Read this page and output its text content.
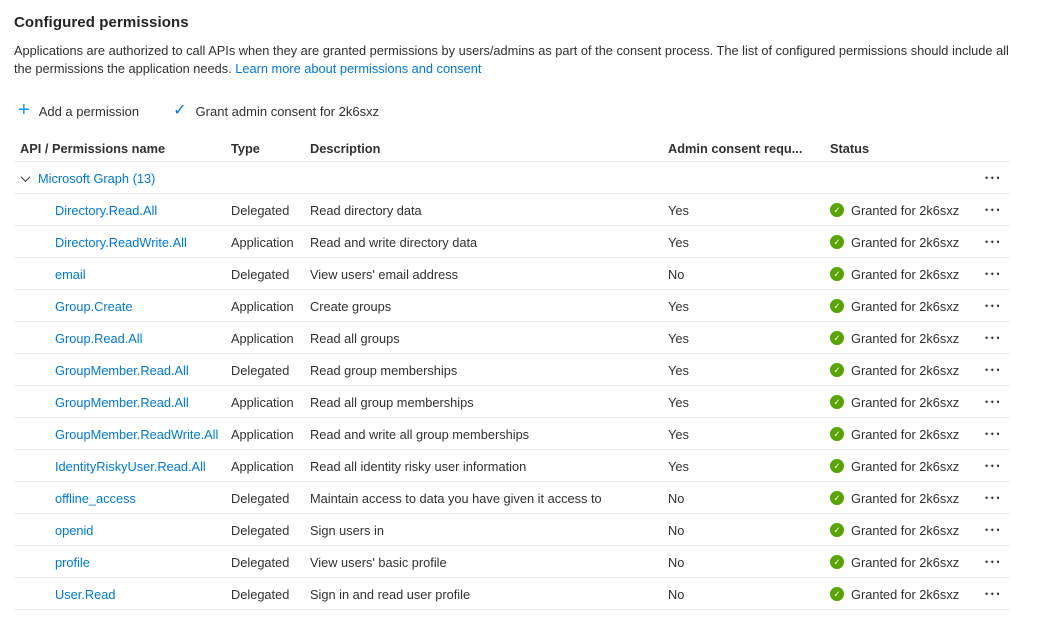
Configured permissions
Applications are authorized to call APIs when they are granted permissions by users/admins as part of the consent process. The list of configured permissions should include all the permissions the application needs. Learn more about permissions and consent
+ Add a permission ✓ Grant admin consent for 2k6sxz
API / Permissions name	Type	Description	Admin consent requ...	Status
Microsoft Graph (13)	•••
Directory.Read.All	Delegated	Read directory data	Yes	✓ Granted for 2k6sxz	•••
Directory.ReadWrite.All	Application	Read and write directory data	Yes	✓ Granted for 2k6sxz	•••
email	Delegated	View users' email address	No	✓ Granted for 2k6sxz	•••
Group.Create	Application	Create groups	Yes	✓ Granted for 2k6sxz	•••
Group.Read.All	Application	Read all groups	Yes	✓ Granted for 2k6sxz	•••
GroupMember.Read.All	Delegated	Read group memberships	Yes	✓ Granted for 2k6sxz	•••
GroupMember.Read.All	Application	Read all group memberships	Yes	✓ Granted for 2k6sxz	•••
GroupMember.ReadWrite.All Application	Read and write all group memberships	Yes	✓ Granted for 2k6sxz	•••
IdentityRiskyUser.Read.All	Application	Read all identity risky user information	Yes	✓ Granted for 2k6sxz	•••
offline_access	Delegated	Maintain access to data you have given it access to	No	✓ Granted for 2k6sxz	•••
openid	Delegated	Sign users in	No	✓ Granted for 2k6sxz	•••
profile	Delegated	View users' basic profile	No	✓ Granted for 2k6sxz	•••
User.Read	Delegated	Sign in and read user profile	No	✓ Granted for 2k6sxz	•••
